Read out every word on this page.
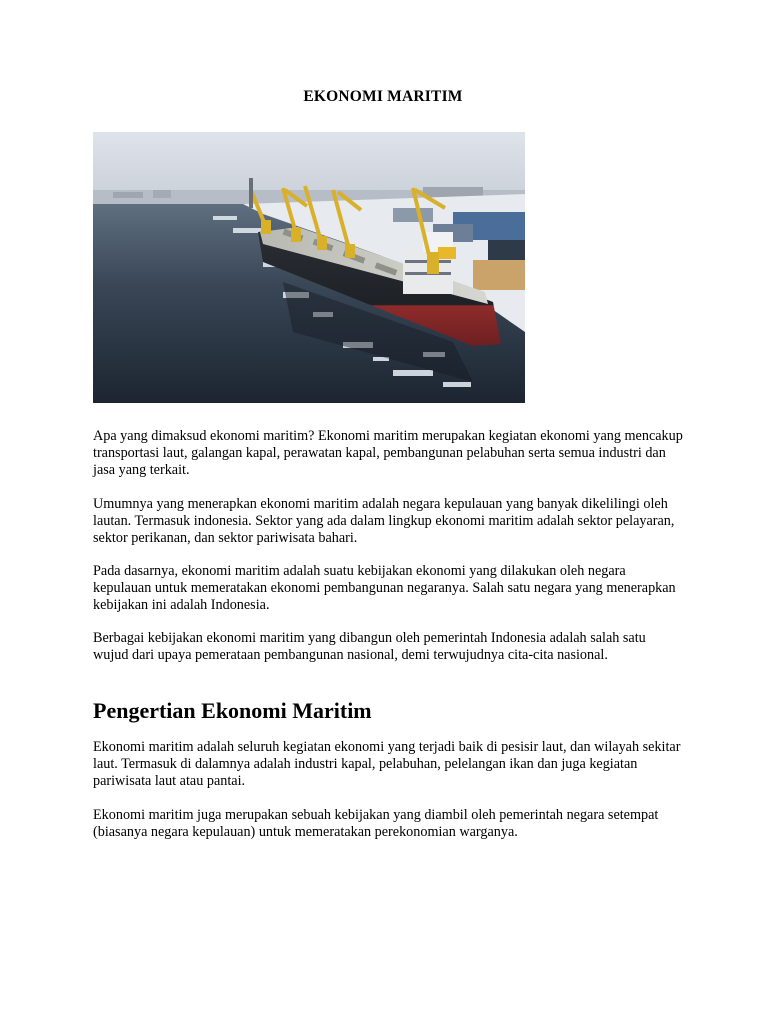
EKONOMI MARITIM

Apa yang dimaksud ekonomi maritim? Ekonomi maritim merupakan kegiatan ekonomi yang mencakup transportasi laut, galangan kapal, perawatan kapal, pembangunan pelabuhan serta semua industri dan jasa yang terkait.

Umumnya yang menerapkan ekonomi maritim adalah negara kepulauan yang banyak dikelilingi oleh lautan. Termasuk indonesia. Sektor yang ada dalam lingkup ekonomi maritim adalah sektor pelayaran, sektor perikanan, dan sektor pariwisata bahari.

Pada dasarnya, ekonomi maritim adalah suatu kebijakan ekonomi yang dilakukan oleh negara kepulauan untuk memeratakan ekonomi pembangunan negaranya. Salah satu negara yang menerapkan kebijakan ini adalah Indonesia.

Berbagai kebijakan ekonomi maritim yang dibangun oleh pemerintah Indonesia adalah salah satu wujud dari upaya pemerataan pembangunan nasional, demi terwujudnya cita-cita nasional.

Pengertian Ekonomi Maritim

Ekonomi maritim adalah seluruh kegiatan ekonomi yang terjadi baik di pesisir laut, dan wilayah sekitar laut. Termasuk di dalamnya adalah industri kapal, pelabuhan, pelelangan ikan dan juga kegiatan pariwisata laut atau pantai.

Ekonomi maritim juga merupakan sebuah kebijakan yang diambil oleh pemerintah negara setempat (biasanya negara kepulauan) untuk memeratakan perekonomian warganya.
